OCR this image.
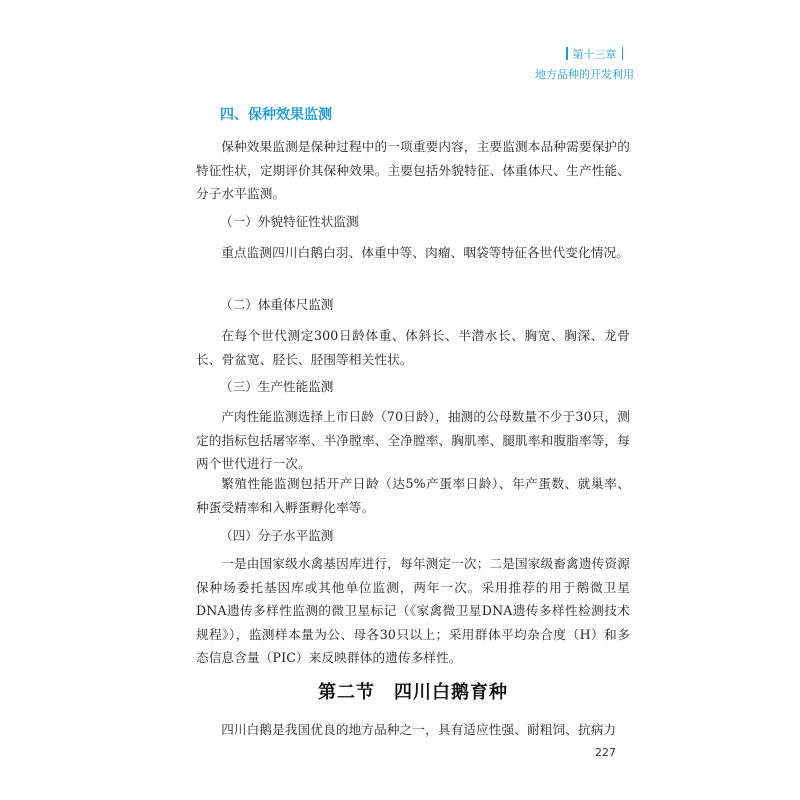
第十三章
地方品种的开发利用
四、保种效果监测

保种效果监测是保种过程中的一项重要内容，主要监测本品种需要保护的特征性状，定期评价其保种效果。主要包括外貌特征、体重体尺、生产性能、分子水平监测。

（一）外貌特征性状监测

重点监测四川白鹅白羽、体重中等、肉瘤、咽袋等特征各世代变化情况。

（二）体重体尺监测

在每个世代测定300日龄体重、体斜长、半潜水长、胸宽、胸深、龙骨长、骨盆宽、胫长、胫围等相关性状。

（三）生产性能监测

产肉性能监测选择上市日龄（70日龄），抽测的公母数量不少于30只，测定的指标包括屠宰率、半净膛率、全净膛率、胸肌率、腿肌率和腹脂率等，每两个世代进行一次。

繁殖性能监测包括开产日龄（达5%产蛋率日龄）、年产蛋数、就巢率、种蛋受精率和入孵蛋孵化率等。

（四）分子水平监测

一是由国家级水禽基因库进行，每年测定一次；二是国家级畜禽遗传资源保种场委托基因库或其他单位监测，两年一次。采用推荐的用于鹅微卫星DNA遗传多样性监测的微卫星标记（《家禽微卫星DNA遗传多样性检测技术规程》），监测样本量为公、母各30只以上；采用群体平均杂合度（H）和多态信息含量（PIC）来反映群体的遗传多样性。

第二节　四川白鹅育种

四川白鹅是我国优良的地方品种之一，具有适应性强、耐粗饲、抗病力

227
